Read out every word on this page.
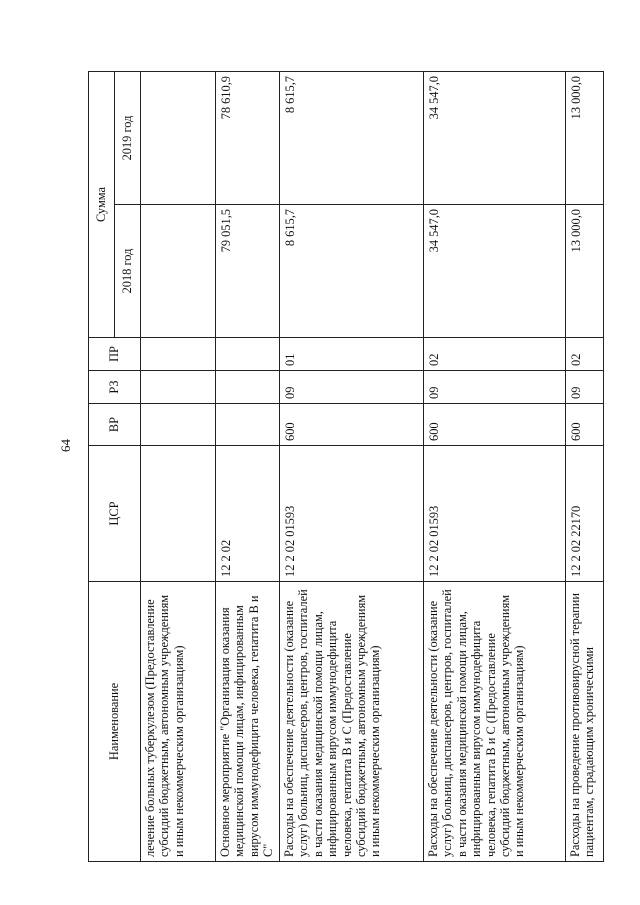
64
Наименование	ЦСР	ВР	РЗ	ПР	Сумма	
					2018 год	2019 год
лечение больных туберкулезом (Предоставление субсидий бюджетным, автономным учреждениям и иным некоммерческим организациям)						
Основное мероприятие "Организация оказания медицинской помощи лицам, инфицированным вирусом иммунодефицита человека, гепатита В и С"	12 2 02				79 051,5	78 610,9
Расходы на обеспечение деятельности (оказание услуг) больниц, диспансеров, центров, госпиталей в части оказания медицинской помощи лицам, инфицированным вирусом иммунодефицита человека, гепатита В и С (Предоставление субсидий бюджетным, автономным учреждениям и иным некоммерческим организациям)	12 2 02 01593	600	09	01	8 615,7	8 615,7
Расходы на обеспечение деятельности (оказание услуг) больниц, диспансеров, центров, госпиталей в части оказания медицинской помощи лицам, инфицированным вирусом иммунодефицита человека, гепатита В и С (Предоставление субсидий бюджетным, автономным учреждениям и иным некоммерческим организациям)	12 2 02 01593	600	09	02	34 547,0	34 547,0
Расходы на проведение противовирусной терапии пациентам, страдающим хроническими	12 2 02 22170	600	09	02	13 000,0	13 000,0
